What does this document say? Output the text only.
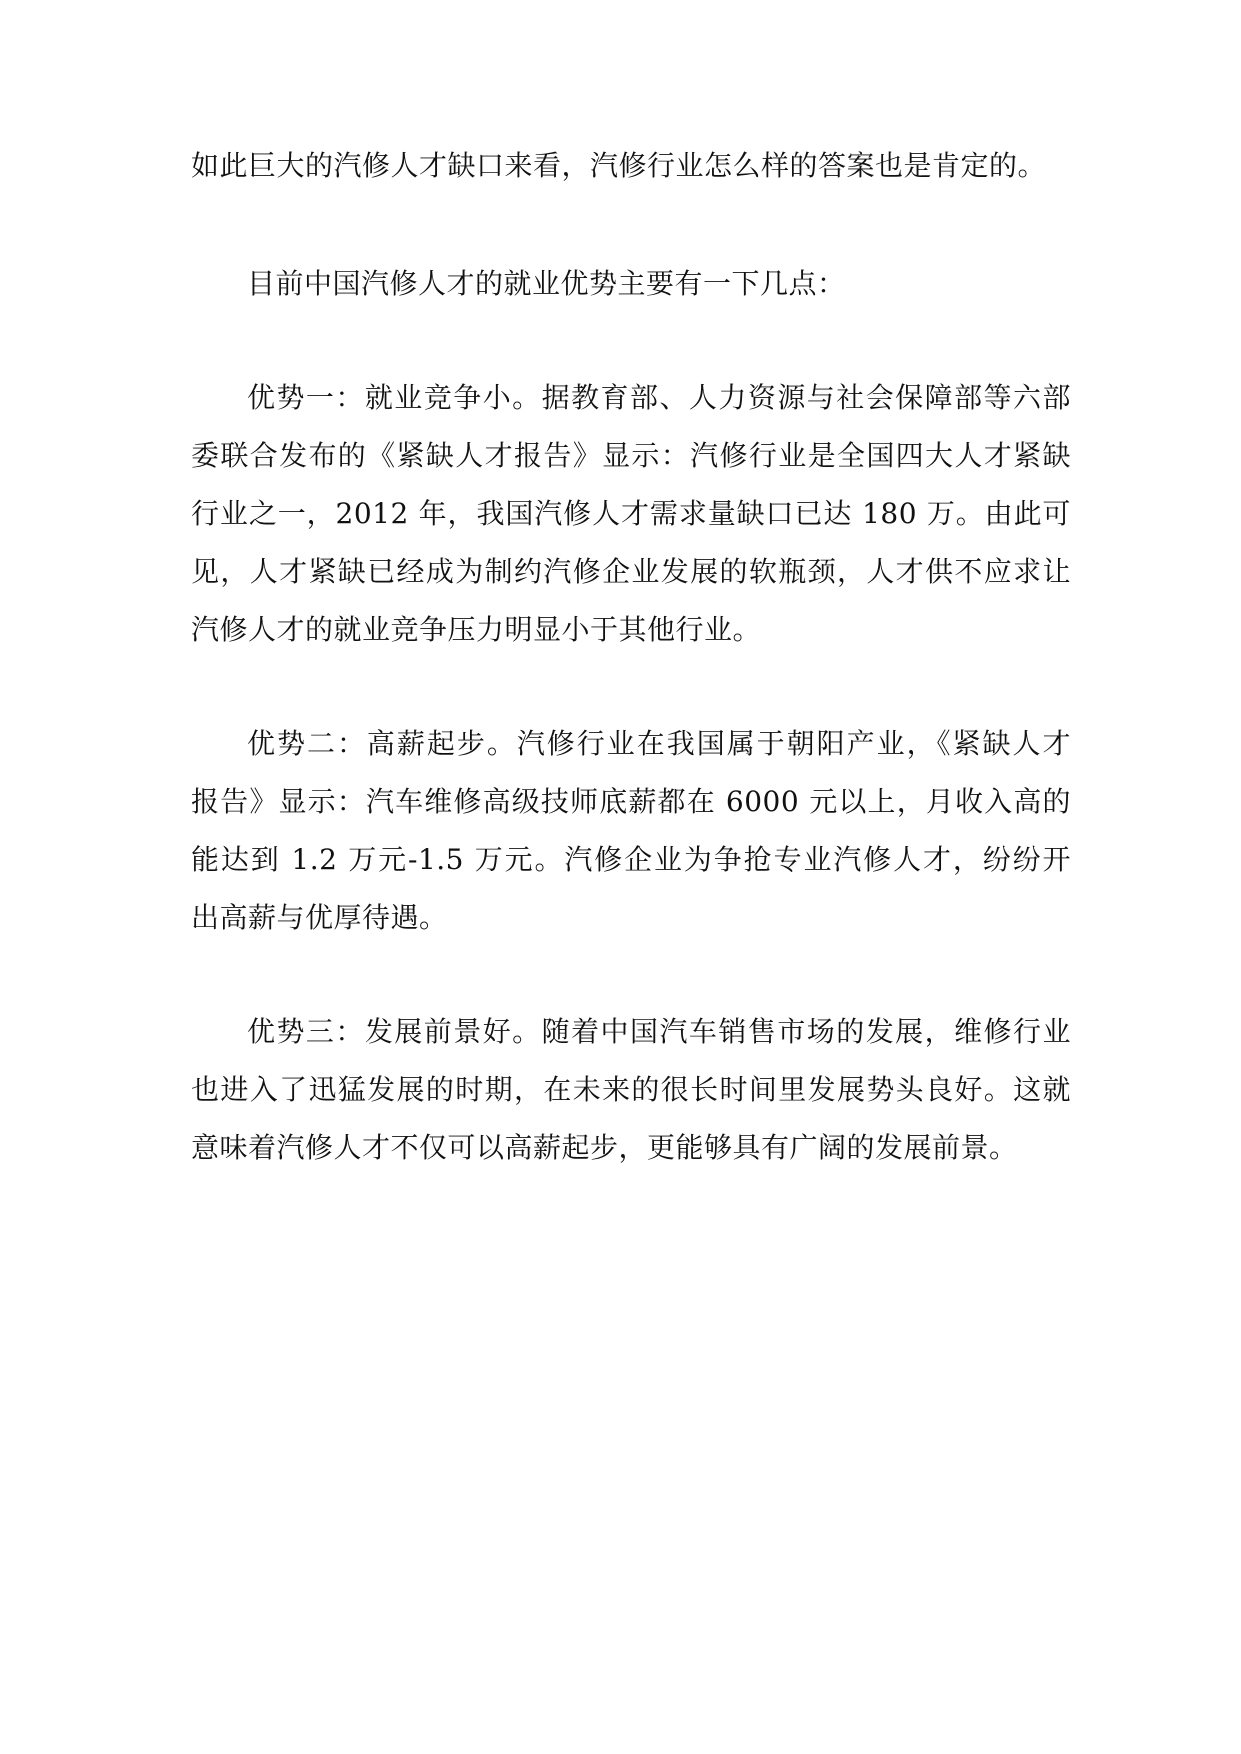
如此巨大的汽修人才缺口来看，汽修行业怎么样的答案也是肯定的。
目前中国汽修人才的就业优势主要有一下几点：
优势一：就业竞争小。据教育部、人力资源与社会保障部等六部
委联合发布的《紧缺人才报告》显示：汽修行业是全国四大人才紧缺
行业之一，2012 年，我国汽修人才需求量缺口已达 180 万。由此可
见，人才紧缺已经成为制约汽修企业发展的软瓶颈，人才供不应求让
汽修人才的就业竞争压力明显小于其他行业。
优势二：高薪起步。汽修行业在我国属于朝阳产业，《紧缺人才
报告》显示：汽车维修高级技师底薪都在 6000 元以上，月收入高的
能达到 1.2 万元-1.5 万元。汽修企业为争抢专业汽修人才，纷纷开
出高薪与优厚待遇。
优势三：发展前景好。随着中国汽车销售市场的发展，维修行业
也进入了迅猛发展的时期，在未来的很长时间里发展势头良好。这就
意味着汽修人才不仅可以高薪起步，更能够具有广阔的发展前景。
